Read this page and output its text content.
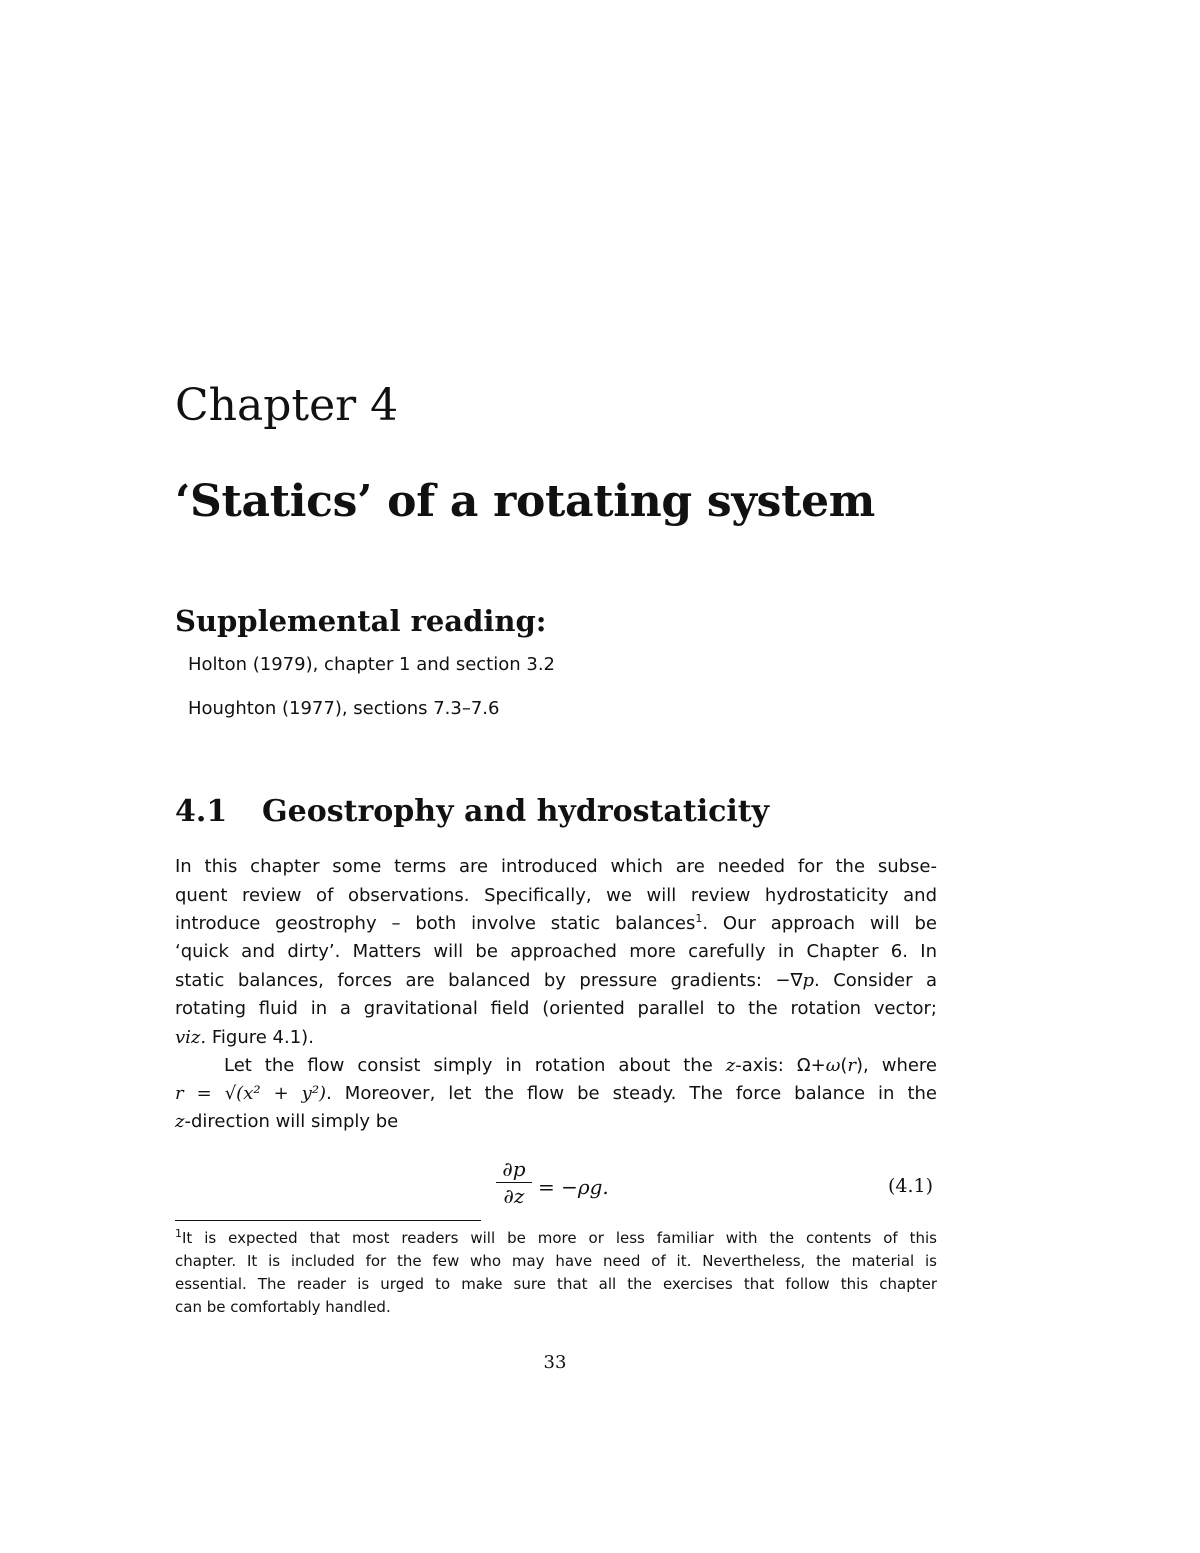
Chapter 4
‘Statics’ of a rotating system
Supplemental reading:
Holton (1979), chapter 1 and section 3.2
Houghton (1977), sections 7.3–7.6
4.1 Geostrophy and hydrostaticity
In this chapter some terms are introduced which are needed for the subse-
quent review of observations. Specifically, we will review hydrostaticity and
introduce geostrophy – both involve static balances$^1$. Our approach will be
‘quick and dirty’. Matters will be approached more carefully in Chapter 6. In
static balances, forces are balanced by pressure gradients: −∇p. Consider a
rotating fluid in a gravitational field (oriented parallel to the rotation vector;
viz. Figure 4.1).
Let the flow consist simply in rotation about the z-axis: Ω+ω(r), where
r = √(x² + y²). Moreover, let the flow be steady. The force balance in the
z-direction will simply be
$\frac{\partial p}{\partial z} = -\rho g$.	(4.1)
$^1$It is expected that most readers will be more or less familiar with the contents of this
chapter. It is included for the few who may have need of it. Nevertheless, the material is
essential. The reader is urged to make sure that all the exercises that follow this chapter
can be comfortably handled.
33
